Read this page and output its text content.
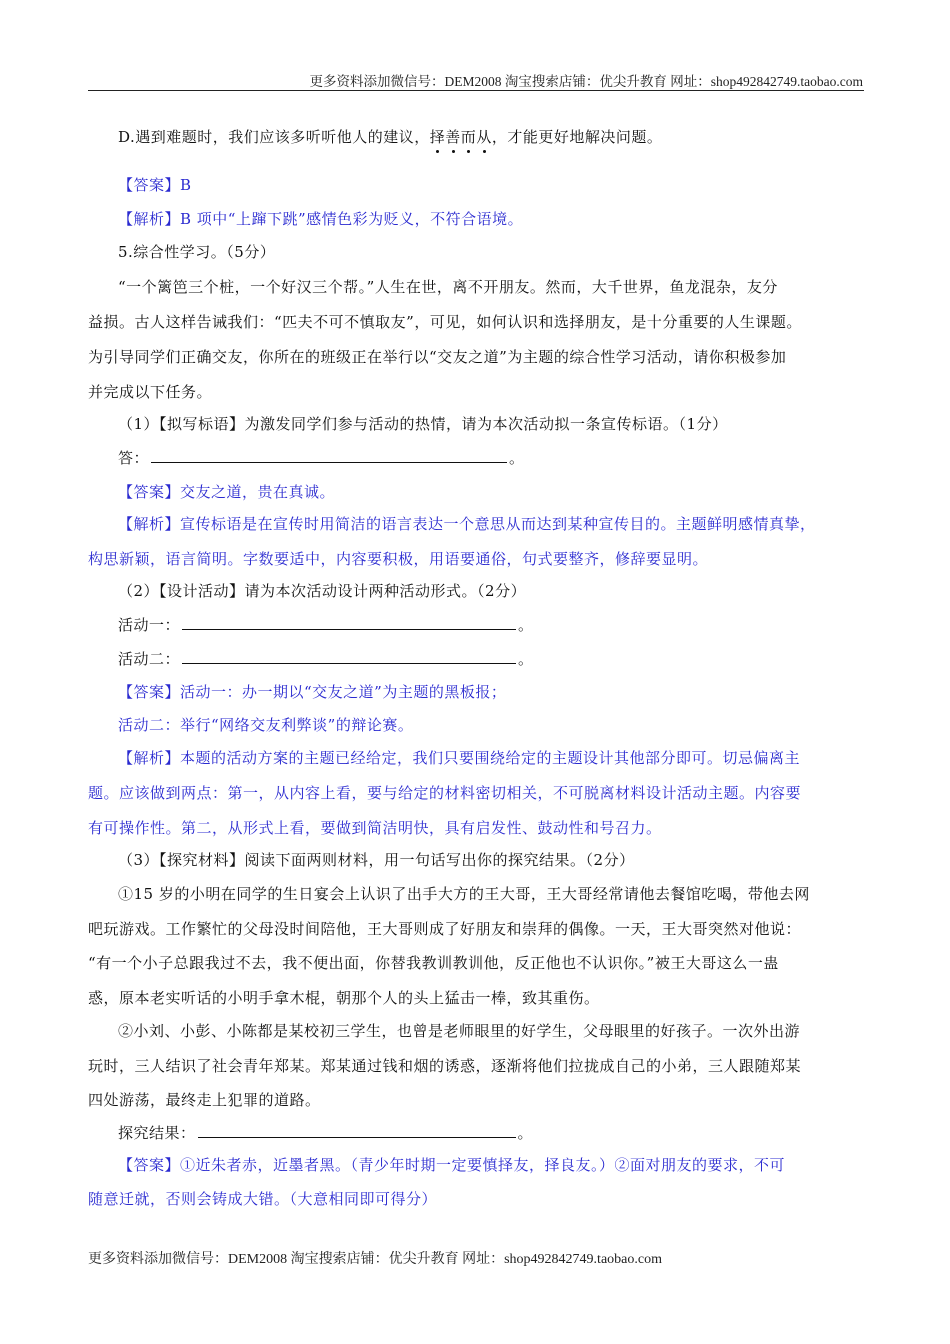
更多资料添加微信号：DEM2008 淘宝搜索店铺：优尖升教育 网址：shop492842749.taobao.com
D.遇到难题时，我们应该多听听他人的建议，择善而从，才能更好地解决问题。
【答案】B
【解析】B 项中“上蹿下跳”感情色彩为贬义，不符合语境。
5.综合性学习。（5分）
“一个篱笆三个桩，一个好汉三个帮。”人生在世，离不开朋友。然而，大千世界，鱼龙混杂，友分
益损。古人这样告诫我们：“匹夫不可不慎取友”，可见，如何认识和选择朋友，是十分重要的人生课题。
为引导同学们正确交友，你所在的班级正在举行以“交友之道”为主题的综合性学习活动，请你积极参加
并完成以下任务。
（1）【拟写标语】为激发同学们参与活动的热情，请为本次活动拟一条宣传标语。（1分）
答：	。
【答案】交友之道，贵在真诚。
【解析】宣传标语是在宣传时用简洁的语言表达一个意思从而达到某种宣传目的。主题鲜明感情真挚，
构思新颖，语言简明。字数要适中，内容要积极，用语要通俗，句式要整齐，修辞要显明。
（2）【设计活动】请为本次活动设计两种活动形式。（2分）
活动一：	。
活动二：	。
【答案】活动一：办一期以“交友之道”为主题的黑板报；
活动二：举行“网络交友利弊谈”的辩论赛。
【解析】本题的活动方案的主题已经给定，我们只要围绕给定的主题设计其他部分即可。切忌偏离主
题。应该做到两点：第一，从内容上看，要与给定的材料密切相关，不可脱离材料设计活动主题。内容要
有可操作性。第二，从形式上看，要做到简洁明快，具有启发性、鼓动性和号召力。
（3）【探究材料】阅读下面两则材料，用一句话写出你的探究结果。（2分）
①15 岁的小明在同学的生日宴会上认识了出手大方的王大哥，王大哥经常请他去餐馆吃喝，带他去网
吧玩游戏。工作繁忙的父母没时间陪他，王大哥则成了好朋友和崇拜的偶像。一天，王大哥突然对他说：
“有一个小子总跟我过不去，我不便出面，你替我教训教训他，反正他也不认识你。”被王大哥这么一蛊
惑，原本老实听话的小明手拿木棍，朝那个人的头上猛击一棒，致其重伤。
②小刘、小彭、小陈都是某校初三学生，也曾是老师眼里的好学生，父母眼里的好孩子。一次外出游
玩时，三人结识了社会青年郑某。郑某通过钱和烟的诱惑，逐渐将他们拉拢成自己的小弟，三人跟随郑某
四处游荡，最终走上犯罪的道路。
探究结果：	。
【答案】①近朱者赤，近墨者黑。（青少年时期一定要慎择友，择良友。）②面对朋友的要求，不可
随意迁就，否则会铸成大错。（大意相同即可得分）
更多资料添加微信号：DEM2008 淘宝搜索店铺：优尖升教育 网址：shop492842749.taobao.com
